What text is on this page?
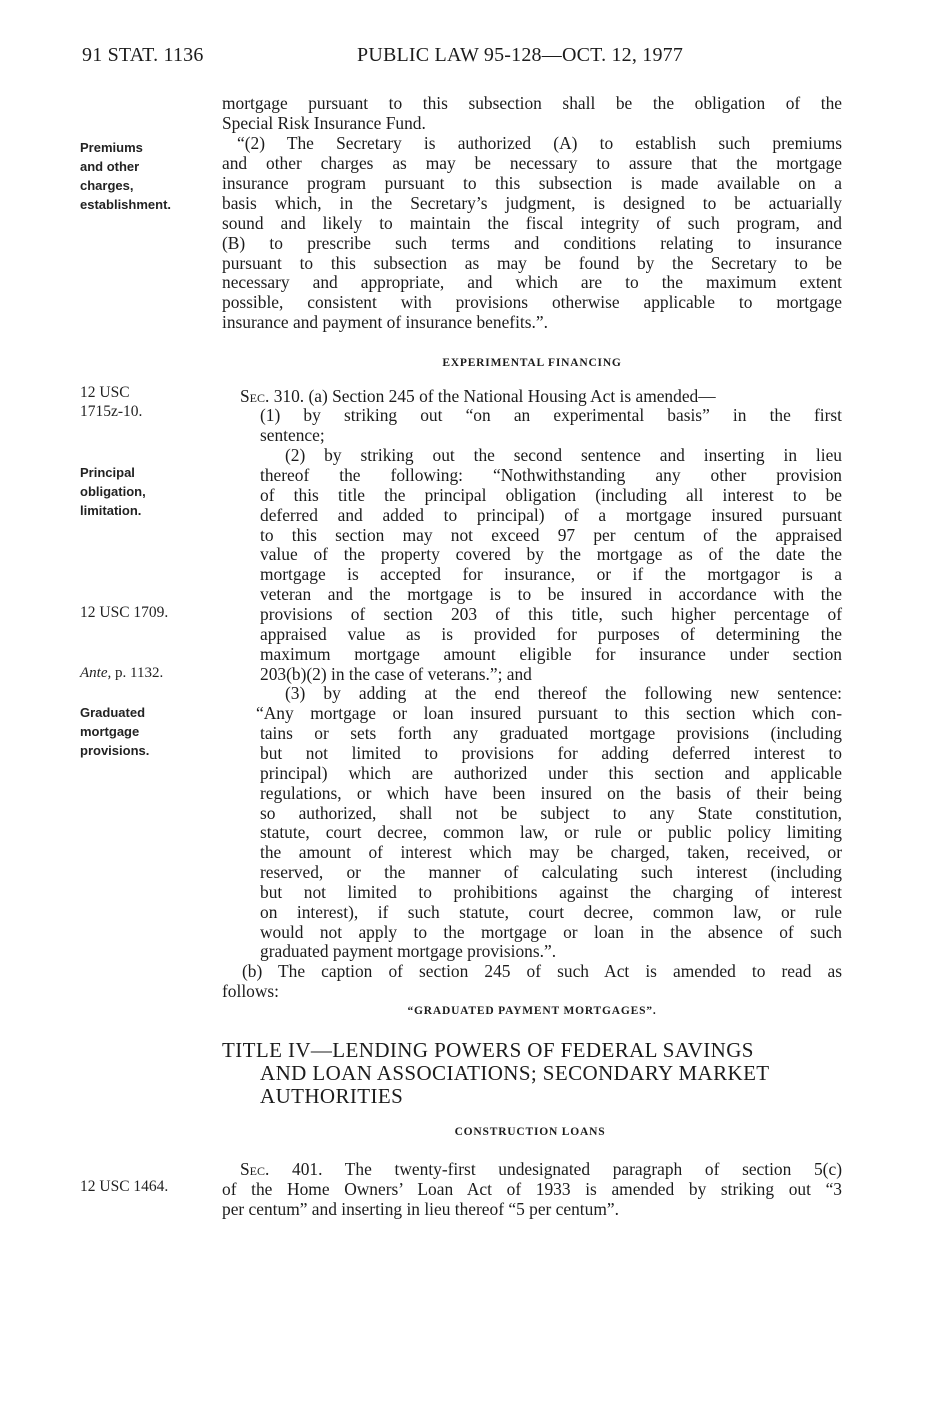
91 STAT. 1136	PUBLIC LAW 95-128—OCT. 12, 1977
Premiums
and other
charges,
establishment.
12 USC
1715z-10.
Principal
obligation,
limitation.
12 USC 1709.
Ante, p. 1132.
Graduated
mortgage
provisions.
12 USC 1464.
mortgage pursuant to this subsection shall be the obligation of the
Special Risk Insurance Fund.
“(2) The Secretary is authorized (A) to establish such premiums
and other charges as may be necessary to assure that the mortgage
insurance program pursuant to this subsection is made available on a
basis which, in the Secretary’s judgment, is designed to be actuarially
sound and likely to maintain the fiscal integrity of such program, and
(B) to prescribe such terms and conditions relating to insurance
pursuant to this subsection as may be found by the Secretary to be
necessary and appropriate, and which are to the maximum extent
possible, consistent with provisions otherwise applicable to mortgage
insurance and payment of insurance benefits.”.
EXPERIMENTAL FINANCING
Sec. 310. (a) Section 245 of the National Housing Act is amended—
(1) by striking out “on an experimental basis” in the first
sentence;
(2) by striking out the second sentence and inserting in lieu
thereof the following: “Nothwithstanding any other provision
of this title the principal obligation (including all interest to be
deferred and added to principal) of a mortgage insured pursuant
to this section may not exceed 97 per centum of the appraised
value of the property covered by the mortgage as of the date the
mortgage is accepted for insurance, or if the mortgagor is a
veteran and the mortgage is to be insured in accordance with the
provisions of section 203 of this title, such higher percentage of
appraised value as is provided for purposes of determining the
maximum mortgage amount eligible for insurance under section
203(b)(2) in the case of veterans.”; and
(3) by adding at the end thereof the following new sentence:
“Any mortgage or loan insured pursuant to this section which con-
tains or sets forth any graduated mortgage provisions (including
but not limited to provisions for adding deferred interest to
principal) which are authorized under this section and applicable
regulations, or which have been insured on the basis of their being
so authorized, shall not be subject to any State constitution,
statute, court decree, common law, or rule or public policy limiting
the amount of interest which may be charged, taken, received, or
reserved, or the manner of calculating such interest (including
but not limited to prohibitions against the charging of interest
on interest), if such statute, court decree, common law, or rule
would not apply to the mortgage or loan in the absence of such
graduated payment mortgage provisions.”.
(b) The caption of section 245 of such Act is amended to read as
follows:
“GRADUATED PAYMENT MORTGAGES”.
TITLE IV—LENDING POWERS OF FEDERAL SAVINGS
AND LOAN ASSOCIATIONS; SECONDARY MARKET
AUTHORITIES
CONSTRUCTION LOANS
Sec. 401. The twenty-first undesignated paragraph of section 5(c)
of the Home Owners’ Loan Act of 1933 is amended by striking out “3
per centum” and inserting in lieu thereof “5 per centum”.
